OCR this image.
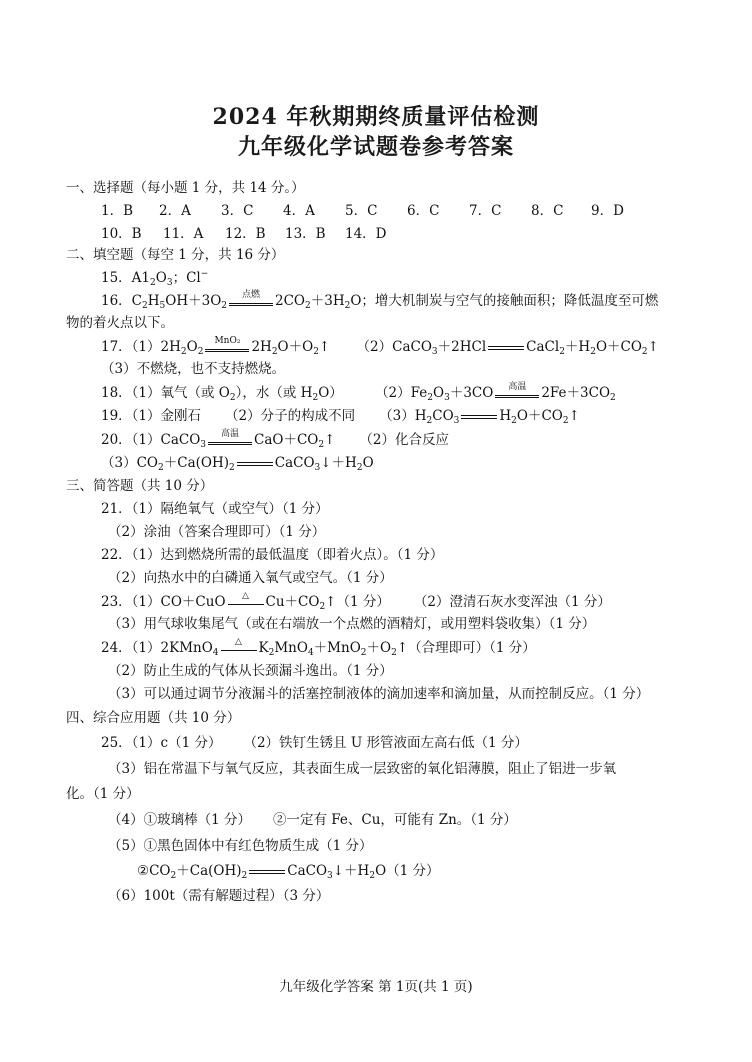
2024 年秋期期终质量评估检测
九年级化学试题卷参考答案
一、选择题（每小题 1 分，共 14 分。）
1．B 2．A 3．C 4．A 5．C 6．C 7．C 8．C 9．D
10．B 11．A 12．B 13．B 14．D
二、填空题（每空 1 分，共 16 分）
15．$A1_2O_3$；Cl−
16．$C_2H_5OH+3O_2$
点燃	$2CO_2+3H_2O$；增大机制炭与空气的接触面积；降低温度至可燃
物的着火点以下。
17．$(1)2H_2O_2$
MnO₂ $2H_2O+O_2↑$ （2）CaCO$_3$＋2HCl	$CaCl_2+H_2O+CO_2↑$
（3）不燃烧，也不支持燃烧。
18．（1）氧气（或 $O_2$），水（或 $H_2O$） $(2)Fe_2O_3+3CO$	高温	$2Fe+3CO_2$
19．（1）金刚石 （2）分子的构成不同 $(3)H_2CO_3$	$H_2O+CO_2↑$
20．（1）CaCO$_3$
高温	$CaO+CO_2↑$ （2）化合反应
$(3)CO_2+Ca(OH)_2$	$CaCO_3↓+H_2O$
三、简答题（共 10 分）
21．（1）隔绝氧气（或空气）（1 分）
（2）涂油（答案合理即可）（1 分）
22．（1）达到燃烧所需的最低温度（即着火点）。（1 分）
（2）向热水中的白磷通入氧气或空气。（1 分）
23．（1）CO＋CuO	△	$Cu+CO_2↑(1$ 分） （2）澄清石灰水变浑浊（1 分）
（3）用气球收集尾气（或在右端放一个点燃的酒精灯，或用塑料袋收集）（1 分）
24．（1）2KMnO$_4$
△	$K_2MnO_4+MnO_2+O_2↑$（合理即可）（1 分）
（2）防止生成的气体从长颈漏斗逸出。（1 分）
（3）可以通过调节分液漏斗的活塞控制液体的滴加速率和滴加量，从而控制反应。（1 分）
四、综合应用题（共 10 分）
25．（1）c（1 分） （2）铁钉生锈且 U 形管液面左高右低（1 分）
（3）铝在常温下与氧气反应，其表面生成一层致密的氧化铝薄膜，阻止了铝进一步氧
化。（1 分）
（4）①玻璃棒（1 分） ②一定有 Fe、Cu，可能有 Zn。（1 分）
（5）①黑色固体中有红色物质生成（1 分）
$②CO_2+Ca(OH)_2$	$CaCO_3↓+H_2O(1$ 分）
（6）100t（需有解题过程）（3 分）
九年级化学答案 第 1页(共 1 页)
